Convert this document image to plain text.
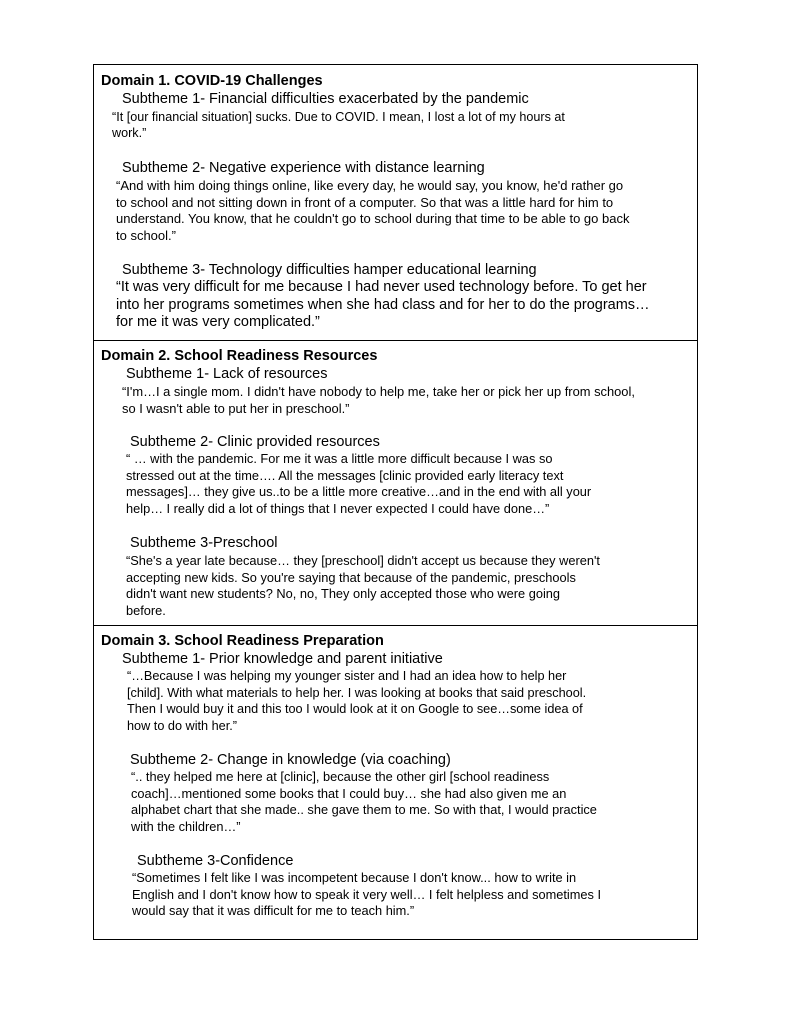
Domain 1. COVID-19 Challenges
Subtheme 1- Financial difficulties exacerbated by the pandemic
“It [our financial situation] sucks. Due to COVID. I mean, I lost a lot of my hours at
work.”
Subtheme 2- Negative experience with distance learning
“And with him doing things online, like every day, he would say, you know, he'd rather go
to school and not sitting down in front of a computer. So that was a little hard for him to
understand. You know, that he couldn't go to school during that time to be able to go back
to school.”
Subtheme 3- Technology difficulties hamper educational learning
“It was very difficult for me because I had never used technology before. To get her
into her programs sometimes when she had class and for her to do the programs…
for me it was very complicated.”
Domain 2. School Readiness Resources
Subtheme 1- Lack of resources
“I'm…I a single mom. I didn't have nobody to help me, take her or pick her up from school,
so I wasn't able to put her in preschool.”
Subtheme 2- Clinic provided resources
“ … with the pandemic. For me it was a little more difficult because I was so
stressed out at the time…. All the messages [clinic provided early literacy text
messages]… they give us..to be a little more creative…and in the end with all your
help… I really did a lot of things that I never expected I could have done…”
Subtheme 3-Preschool
“She's a year late because… they [preschool] didn't accept us because they weren't
accepting new kids. So you're saying that because of the pandemic, preschools
didn't want new students? No, no, They only accepted those who were going
before.
Domain 3. School Readiness Preparation
Subtheme 1- Prior knowledge and parent initiative
“…Because I was helping my younger sister and I had an idea how to help her
[child]. With what materials to help her. I was looking at books that said preschool.
Then I would buy it and this too I would look at it on Google to see…some idea of
how to do with her.”
Subtheme 2- Change in knowledge (via coaching)
“.. they helped me here at [clinic], because the other girl [school readiness
coach]…mentioned some books that I could buy… she had also given me an
alphabet chart that she made.. she gave them to me. So with that, I would practice
with the children…”
Subtheme 3-Confidence
“Sometimes I felt like I was incompetent because I don't know... how to write in
English and I don't know how to speak it very well… I felt helpless and sometimes I
would say that it was difficult for me to teach him.”
